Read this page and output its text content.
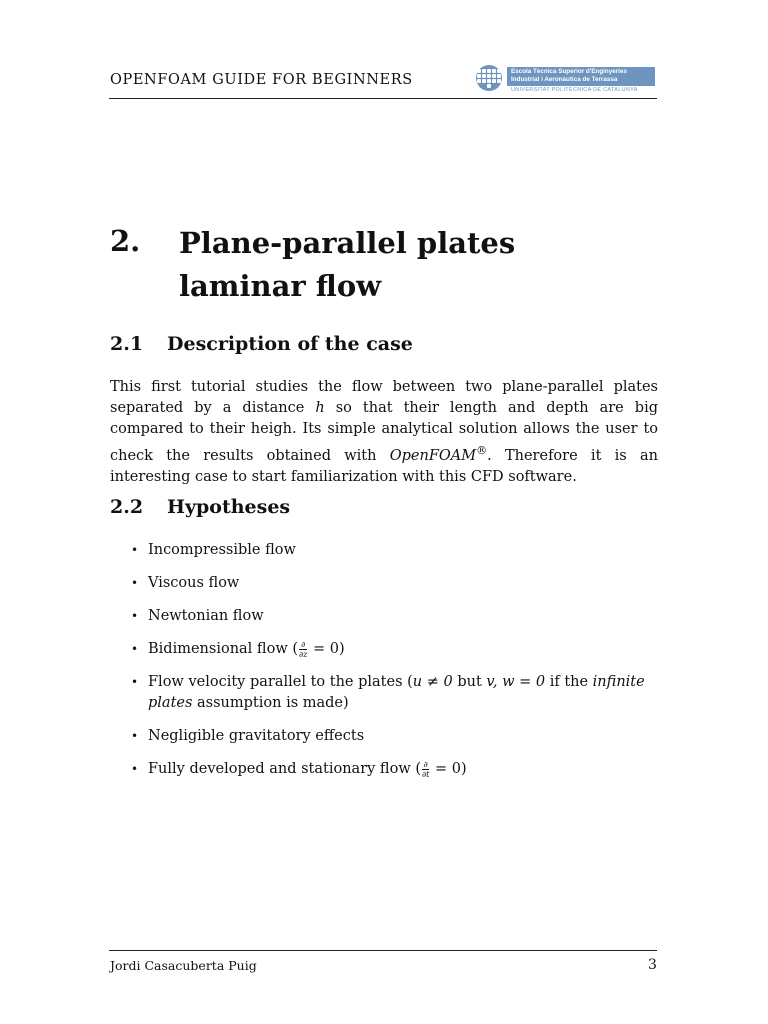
OPENFOAM GUIDE FOR BEGINNERS
Escola Tècnica Superior d'Enginyeries
Industrial i Aeronàutica de Terrassa
UNIVERSITAT POLITÈCNICA DE CATALUNYA
2. Plane-parallel plates laminar flow
2.1 Description of the case
This first tutorial studies the flow between two plane-parallel plates separated by a distance h so that their length and depth are big compared to their heigh. Its simple analytical solution allows the user to check the results obtained with OpenFOAM®. Therefore it is an interesting case to start familiarization with this CFD software.
2.2 Hypotheses
• Incompressible flow
• Viscous flow
• Newtonian flow
• Bidimensional flow ( $\frac{\partial}{\partial z} = 0$)
• Flow velocity parallel to the plates (u ≠ 0 but v, w = 0 if the infinite plates assumption is made)
• Negligible gravitatory effects
• Fully developed and stationary flow ( $\frac{\partial}{\partial t} = 0$)
Jordi Casacuberta Puig	3
